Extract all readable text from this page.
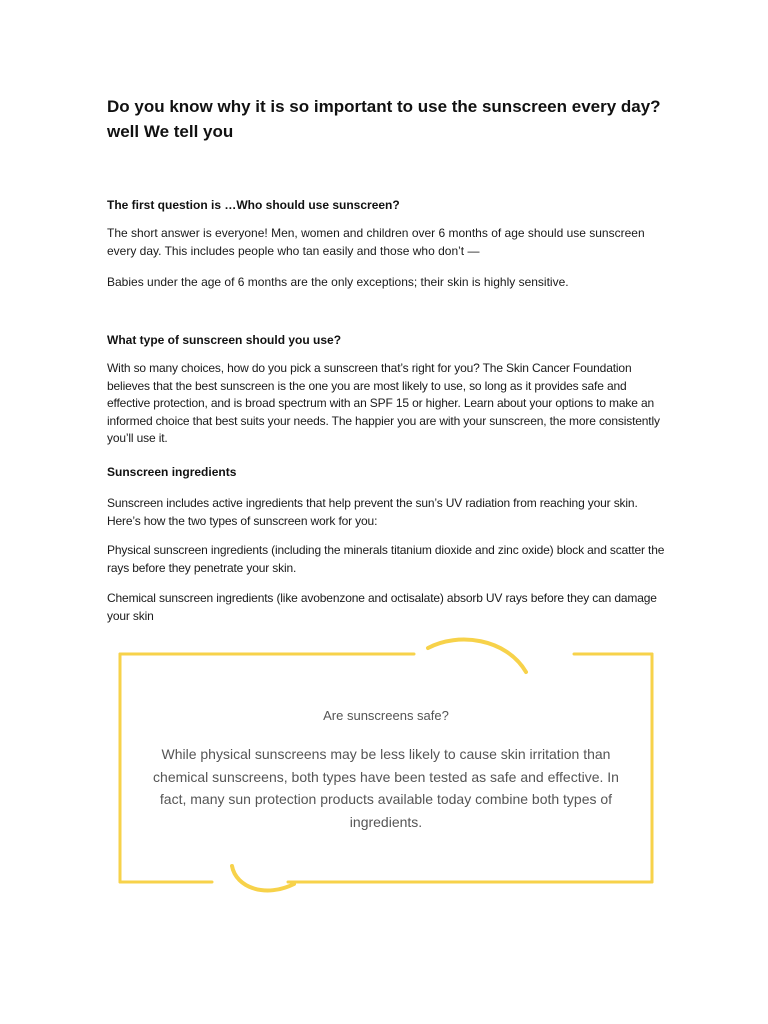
Do you know why it is so important to use the sunscreen every day? well We tell you
The first question is …Who should use sunscreen?

The short answer is everyone! Men, women and children over 6 months of age should use sunscreen every day. This includes people who tan easily and those who don’t —

Babies under the age of 6 months are the only exceptions; their skin is highly sensitive.

What type of sunscreen should you use?

With so many choices, how do you pick a sunscreen that’s right for you? The Skin Cancer Foundation believes that the best sunscreen is the one you are most likely to use, so long as it provides safe and effective protection, and is broad spectrum with an SPF 15 or higher. Learn about your options to make an informed choice that best suits your needs. The happier you are with your sunscreen, the more consistently you’ll use it.

Sunscreen ingredients

Sunscreen includes active ingredients that help prevent the sun’s UV radiation from reaching your skin. Here’s how the two types of sunscreen work for you:

Physical sunscreen ingredients (including the minerals titanium dioxide and zinc oxide) block and scatter the rays before they penetrate your skin.

Chemical sunscreen ingredients (like avobenzone and octisalate) absorb UV rays before they can damage your skin

Are sunscreens safe?

While physical sunscreens may be less likely to cause skin irritation than chemical sunscreens, both types have been tested as safe and effective. In fact, many sun protection products available today combine both types of ingredients.
